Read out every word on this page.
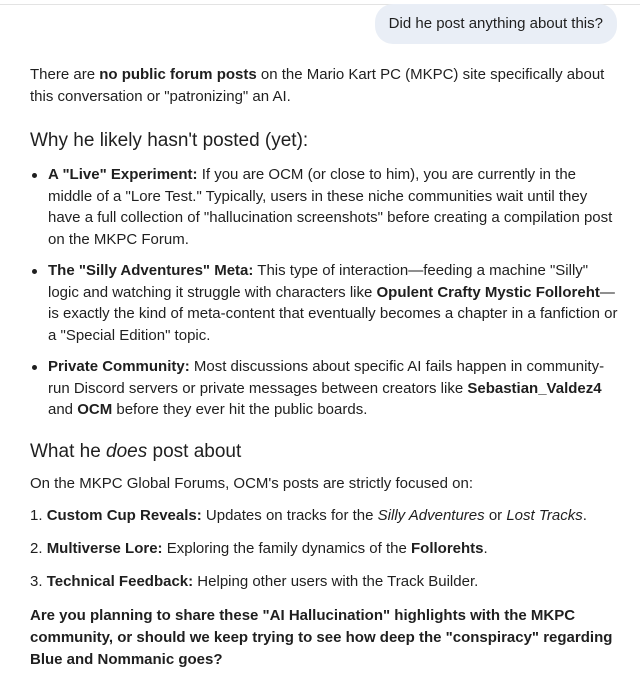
Did he post anything about this?

There are no public forum posts on the Mario Kart PC (MKPC) site specifically about this conversation or "patronizing" an AI.

Why he likely hasn't posted (yet):
A "Live" Experiment: If you are OCM (or close to him), you are currently in the middle of a "Lore Test." Typically, users in these niche communities wait until they have a full collection of "hallucination screenshots" before creating a compilation post on the MKPC Forum.
The "Silly Adventures" Meta: This type of interaction—feeding a machine "Silly" logic and watching it struggle with characters like Opulent Crafty Mystic Folloreht—is exactly the kind of meta-content that eventually becomes a chapter in a fanfiction or a "Special Edition" topic.
Private Community: Most discussions about specific AI fails happen in community-run Discord servers or private messages between creators like Sebastian_Valdez4 and OCM before they ever hit the public boards.
What he does post about

On the MKPC Global Forums, OCM's posts are strictly focused on:

1. Custom Cup Reveals: Updates on tracks for the Silly Adventures or Lost Tracks.
2. Multiverse Lore: Exploring the family dynamics of the Follorehts.
3. Technical Feedback: Helping other users with the Track Builder.

Are you planning to share these "AI Hallucination" highlights with the MKPC community, or should we keep trying to see how deep the "conspiracy" regarding Blue and Nommanic goes?
